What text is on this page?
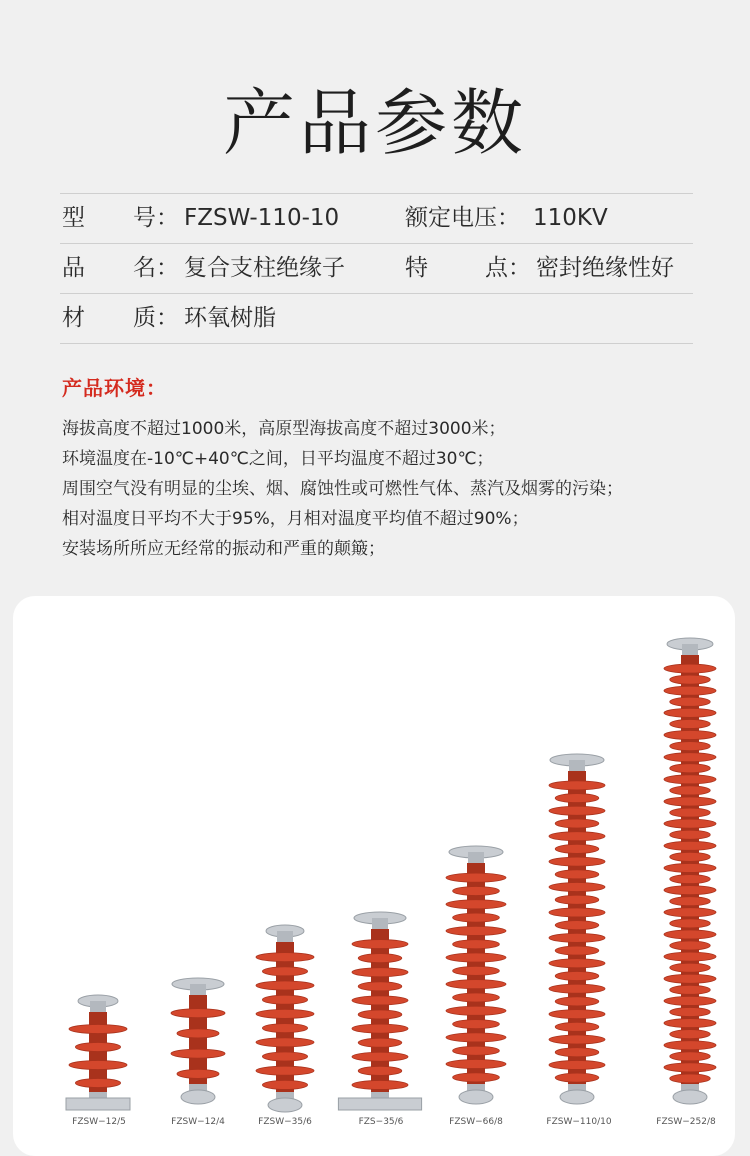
产品参数
型 号： FZSW-110-10	额定电压： 110KV
品 名： 复合支柱绝缘子	特 点： 密封绝缘性好
材 质： 环氧树脂
产品环境：
海拔高度不超过1000米，高原型海拔高度不超过3000米；
环境温度在-10℃+40℃之间，日平均温度不超过30℃；
周围空气没有明显的尘埃、烟、腐蚀性或可燃性气体、蒸汽及烟雾的污染；
相对温度日平均不大于95%，月相对温度平均值不超过90%；
安装场所所应无经常的振动和严重的颠簸；
FZSW−12/5	FZSW−12/4	FZSW−35/6	FZS−35/6	FZSW−66/8	FZSW−110/10	FZSW−252/8
